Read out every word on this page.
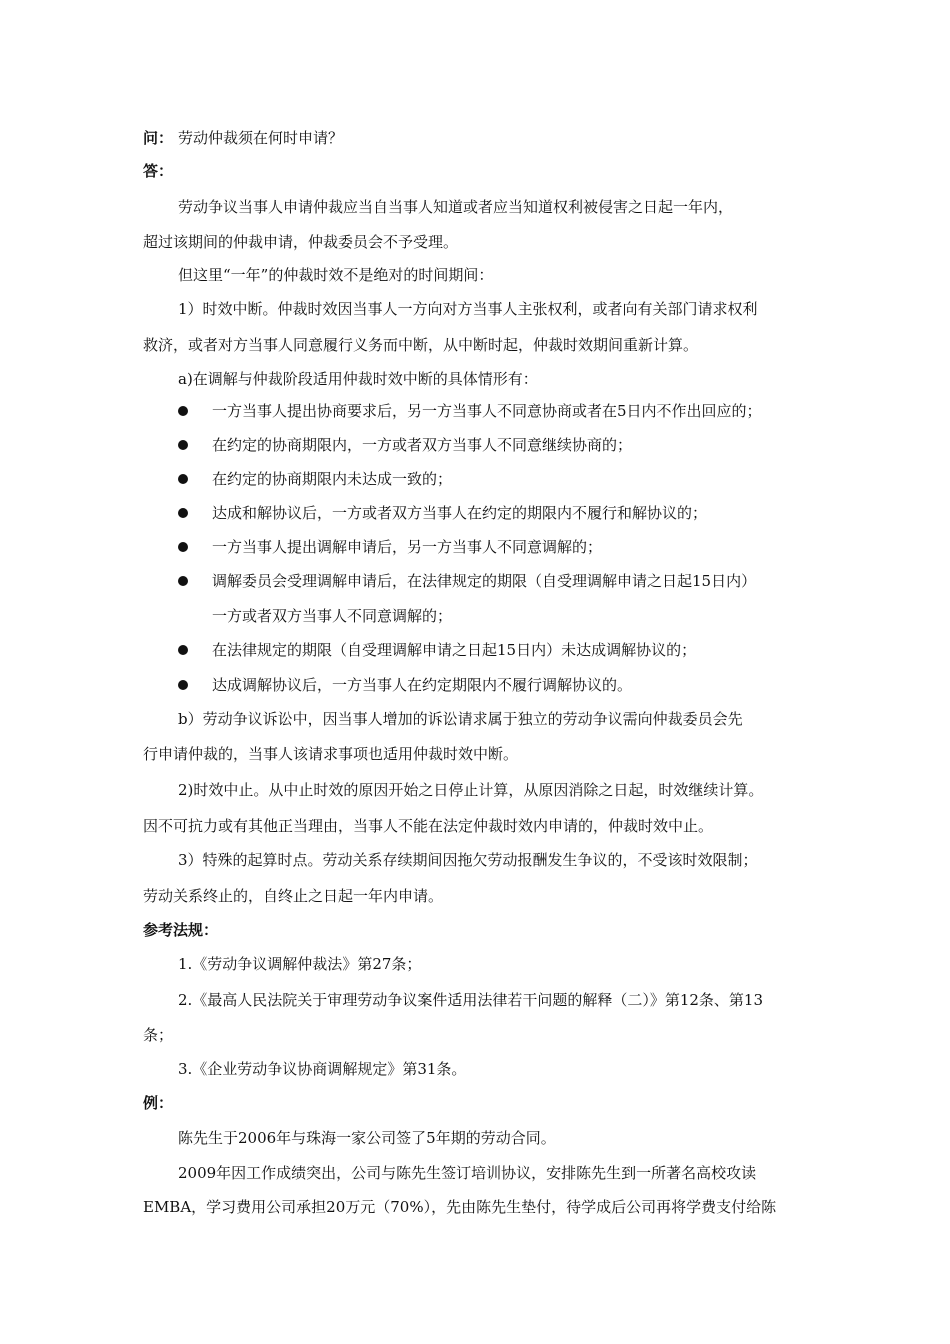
问： 劳动仲裁须在何时申请？
答：
劳动争议当事人申请仲裁应当自当事人知道或者应当知道权利被侵害之日起一年内，
超过该期间的仲裁申请，仲裁委员会不予受理。
但这里“一年”的仲裁时效不是绝对的时间期间：
1）时效中断。仲裁时效因当事人一方向对方当事人主张权利，或者向有关部门请求权利
救济，或者对方当事人同意履行义务而中断，从中断时起，仲裁时效期间重新计算。
a)在调解与仲裁阶段适用仲裁时效中断的具体情形有：
一方当事人提出协商要求后，另一方当事人不同意协商或者在5日内不作出回应的；
在约定的协商期限内，一方或者双方当事人不同意继续协商的；
在约定的协商期限内未达成一致的；
达成和解协议后，一方或者双方当事人在约定的期限内不履行和解协议的；
一方当事人提出调解申请后，另一方当事人不同意调解的；
调解委员会受理调解申请后，在法律规定的期限（自受理调解申请之日起15日内）
一方或者双方当事人不同意调解的；
在法律规定的期限（自受理调解申请之日起15日内）未达成调解协议的；
达成调解协议后，一方当事人在约定期限内不履行调解协议的。
b）劳动争议诉讼中，因当事人增加的诉讼请求属于独立的劳动争议需向仲裁委员会先
行申请仲裁的，当事人该请求事项也适用仲裁时效中断。
2)时效中止。从中止时效的原因开始之日停止计算，从原因消除之日起，时效继续计算。
因不可抗力或有其他正当理由，当事人不能在法定仲裁时效内申请的，仲裁时效中止。
3）特殊的起算时点。劳动关系存续期间因拖欠劳动报酬发生争议的，不受该时效限制；
劳动关系终止的，自终止之日起一年内申请。
参考法规：
1.《劳动争议调解仲裁法》第27条；
2.《最高人民法院关于审理劳动争议案件适用法律若干问题的解释（二）》第12条、第13
条；
3.《企业劳动争议协商调解规定》第31条。
例：
陈先生于2006年与珠海一家公司签了5年期的劳动合同。
2009年因工作成绩突出，公司与陈先生签订培训协议，安排陈先生到一所著名高校攻读
EMBA，学习费用公司承担20万元（70%），先由陈先生垫付，待学成后公司再将学费支付给陈
